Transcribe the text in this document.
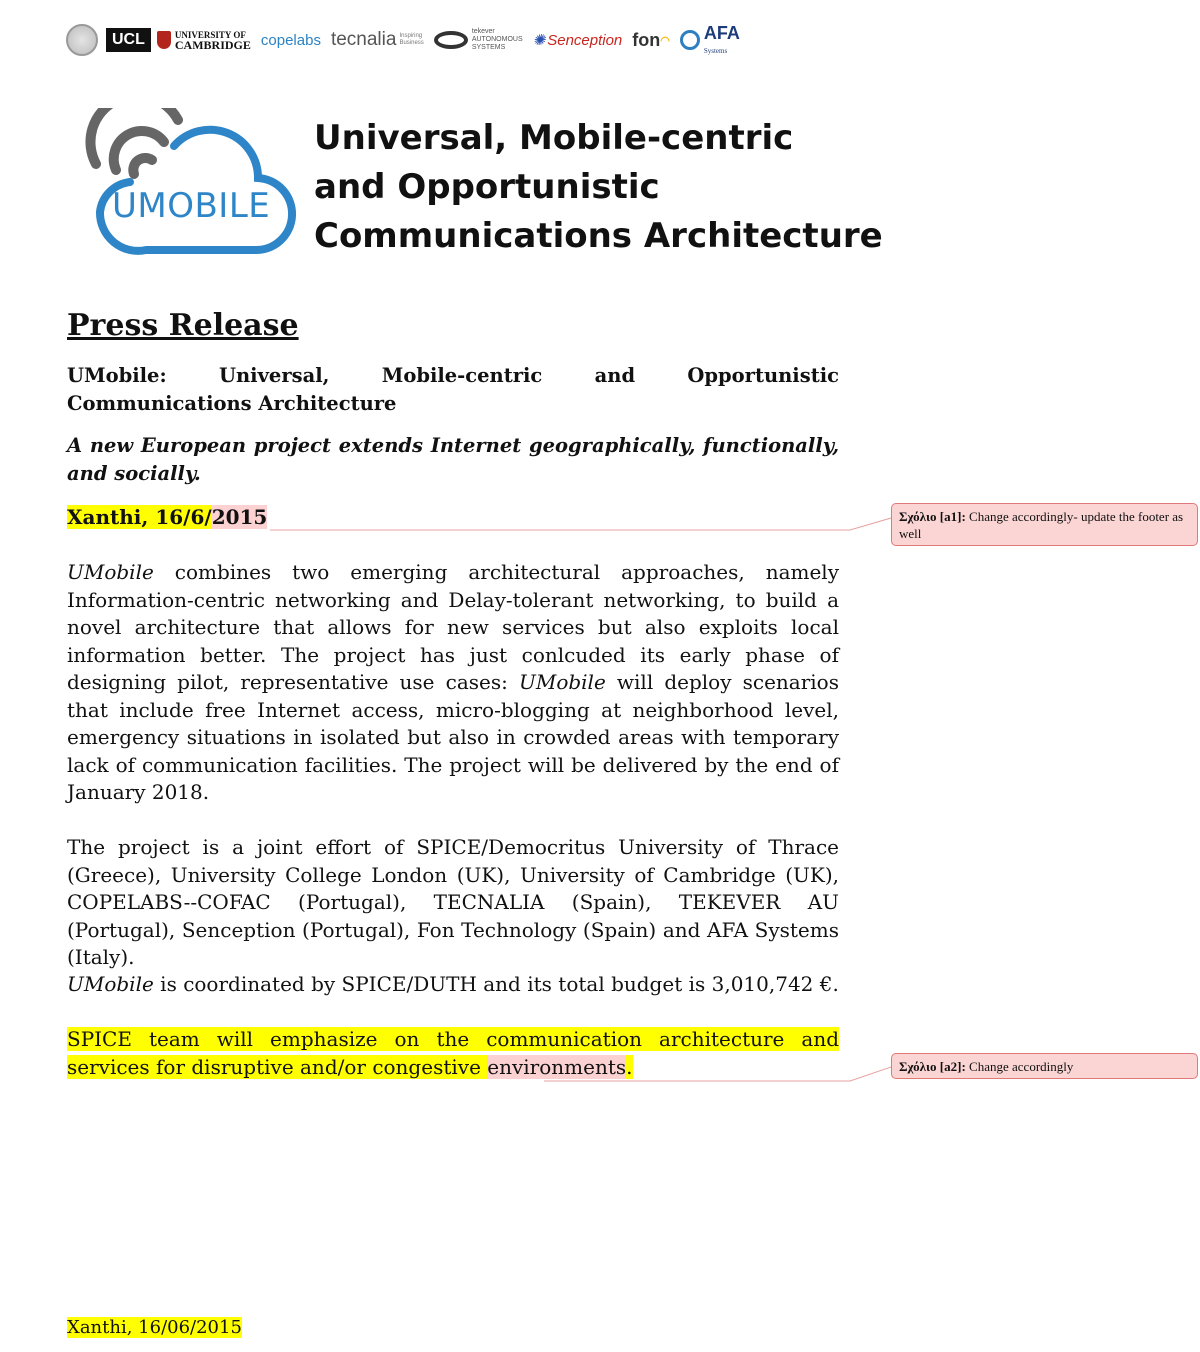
UCL	UNIVERSITY OF
CAMBRIDGE copelabs tecnalia Inspiring
Business
tekever
AUTONOMOUS
SYSTEMS	✺ Senception fon ◠ AFA
Systems
UMOBILE
Universal, Mobile-centric
and Opportunistic
Communications Architecture
Press Release

UMobile: Universal, Mobile-centric and Opportunistic Communications Architecture

A new European project extends Internet geographically, functionally, and socially.

Xanthi, 16/6/2015

UMobile combines two emerging architectural approaches, namely Information-centric networking and Delay-tolerant networking, to build a novel architecture that allows for new services but also exploits local information better. The project has just conlcuded its early phase of designing pilot, representative use cases: UMobile will deploy scenarios that include free Internet access, micro-blogging at neighborhood level, emergency situations in isolated but also in crowded areas with temporary lack of communication facilities. The project will be delivered by the end of January 2018.

The project is a joint effort of SPICE/Democritus University of Thrace (Greece), University College London (UK), University of Cambridge (UK), COPELABS--COFAC (Portugal), TECNALIA (Spain), TEKEVER AU (Portugal), Senception (Portugal), Fon Technology (Spain) and AFA Systems (Italy).

UMobile is coordinated by SPICE/DUTH and its total budget is 3,010,742 €.

SPICE team will emphasize on the communication architecture and services for disruptive and/or congestive environments.

Xanthi, 16/06/2015
Σχόλιο [a1]: Change accordingly- update the footer as well
Σχόλιο [a2]: Change accordingly
